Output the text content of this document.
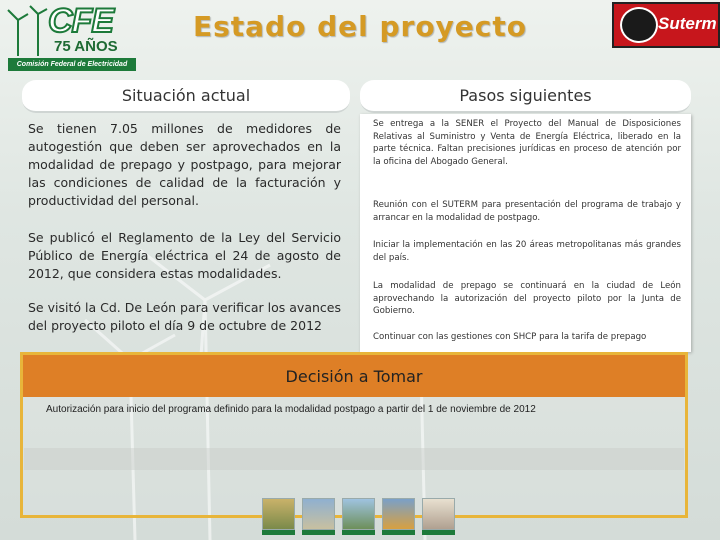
CFE
75 AÑOS
Comisión Federal de Electricidad
Estado del proyecto	Suterm
Situación actual

Se tienen 7.05 millones de medidores de autogestión que deben ser aprovechados en la modalidad de prepago y postpago, para mejorar las condiciones de calidad de la facturación y productividad del personal.

Se publicó el Reglamento de la Ley del Servicio Público de Energía eléctrica el 24 de agosto de 2012, que considera estas modalidades.

Se visitó la Cd. De León para verificar los avances del proyecto piloto el día 9 de octubre de 2012

Pasos siguientes
Se entrega a la SENER el Proyecto del Manual de Disposiciones Relativas al Suministro y Venta de Energía Eléctrica, liberado en la parte técnica. Faltan precisiones jurídicas en proceso de atención por la oficina del Abogado General.
Reunión con el SUTERM para presentación del programa de trabajo y arrancar en la modalidad de postpago.
Iniciar la implementación en las 20 áreas metropolitanas más grandes del país.
La modalidad de prepago se continuará en la ciudad de León aprovechando la autorización del proyecto piloto por la Junta de Gobierno.
Continuar con las gestiones con SHCP para la tarifa de prepago
Decisión a Tomar
Autorización para inicio del programa definido para la modalidad postpago a partir del 1 de noviembre de 2012
